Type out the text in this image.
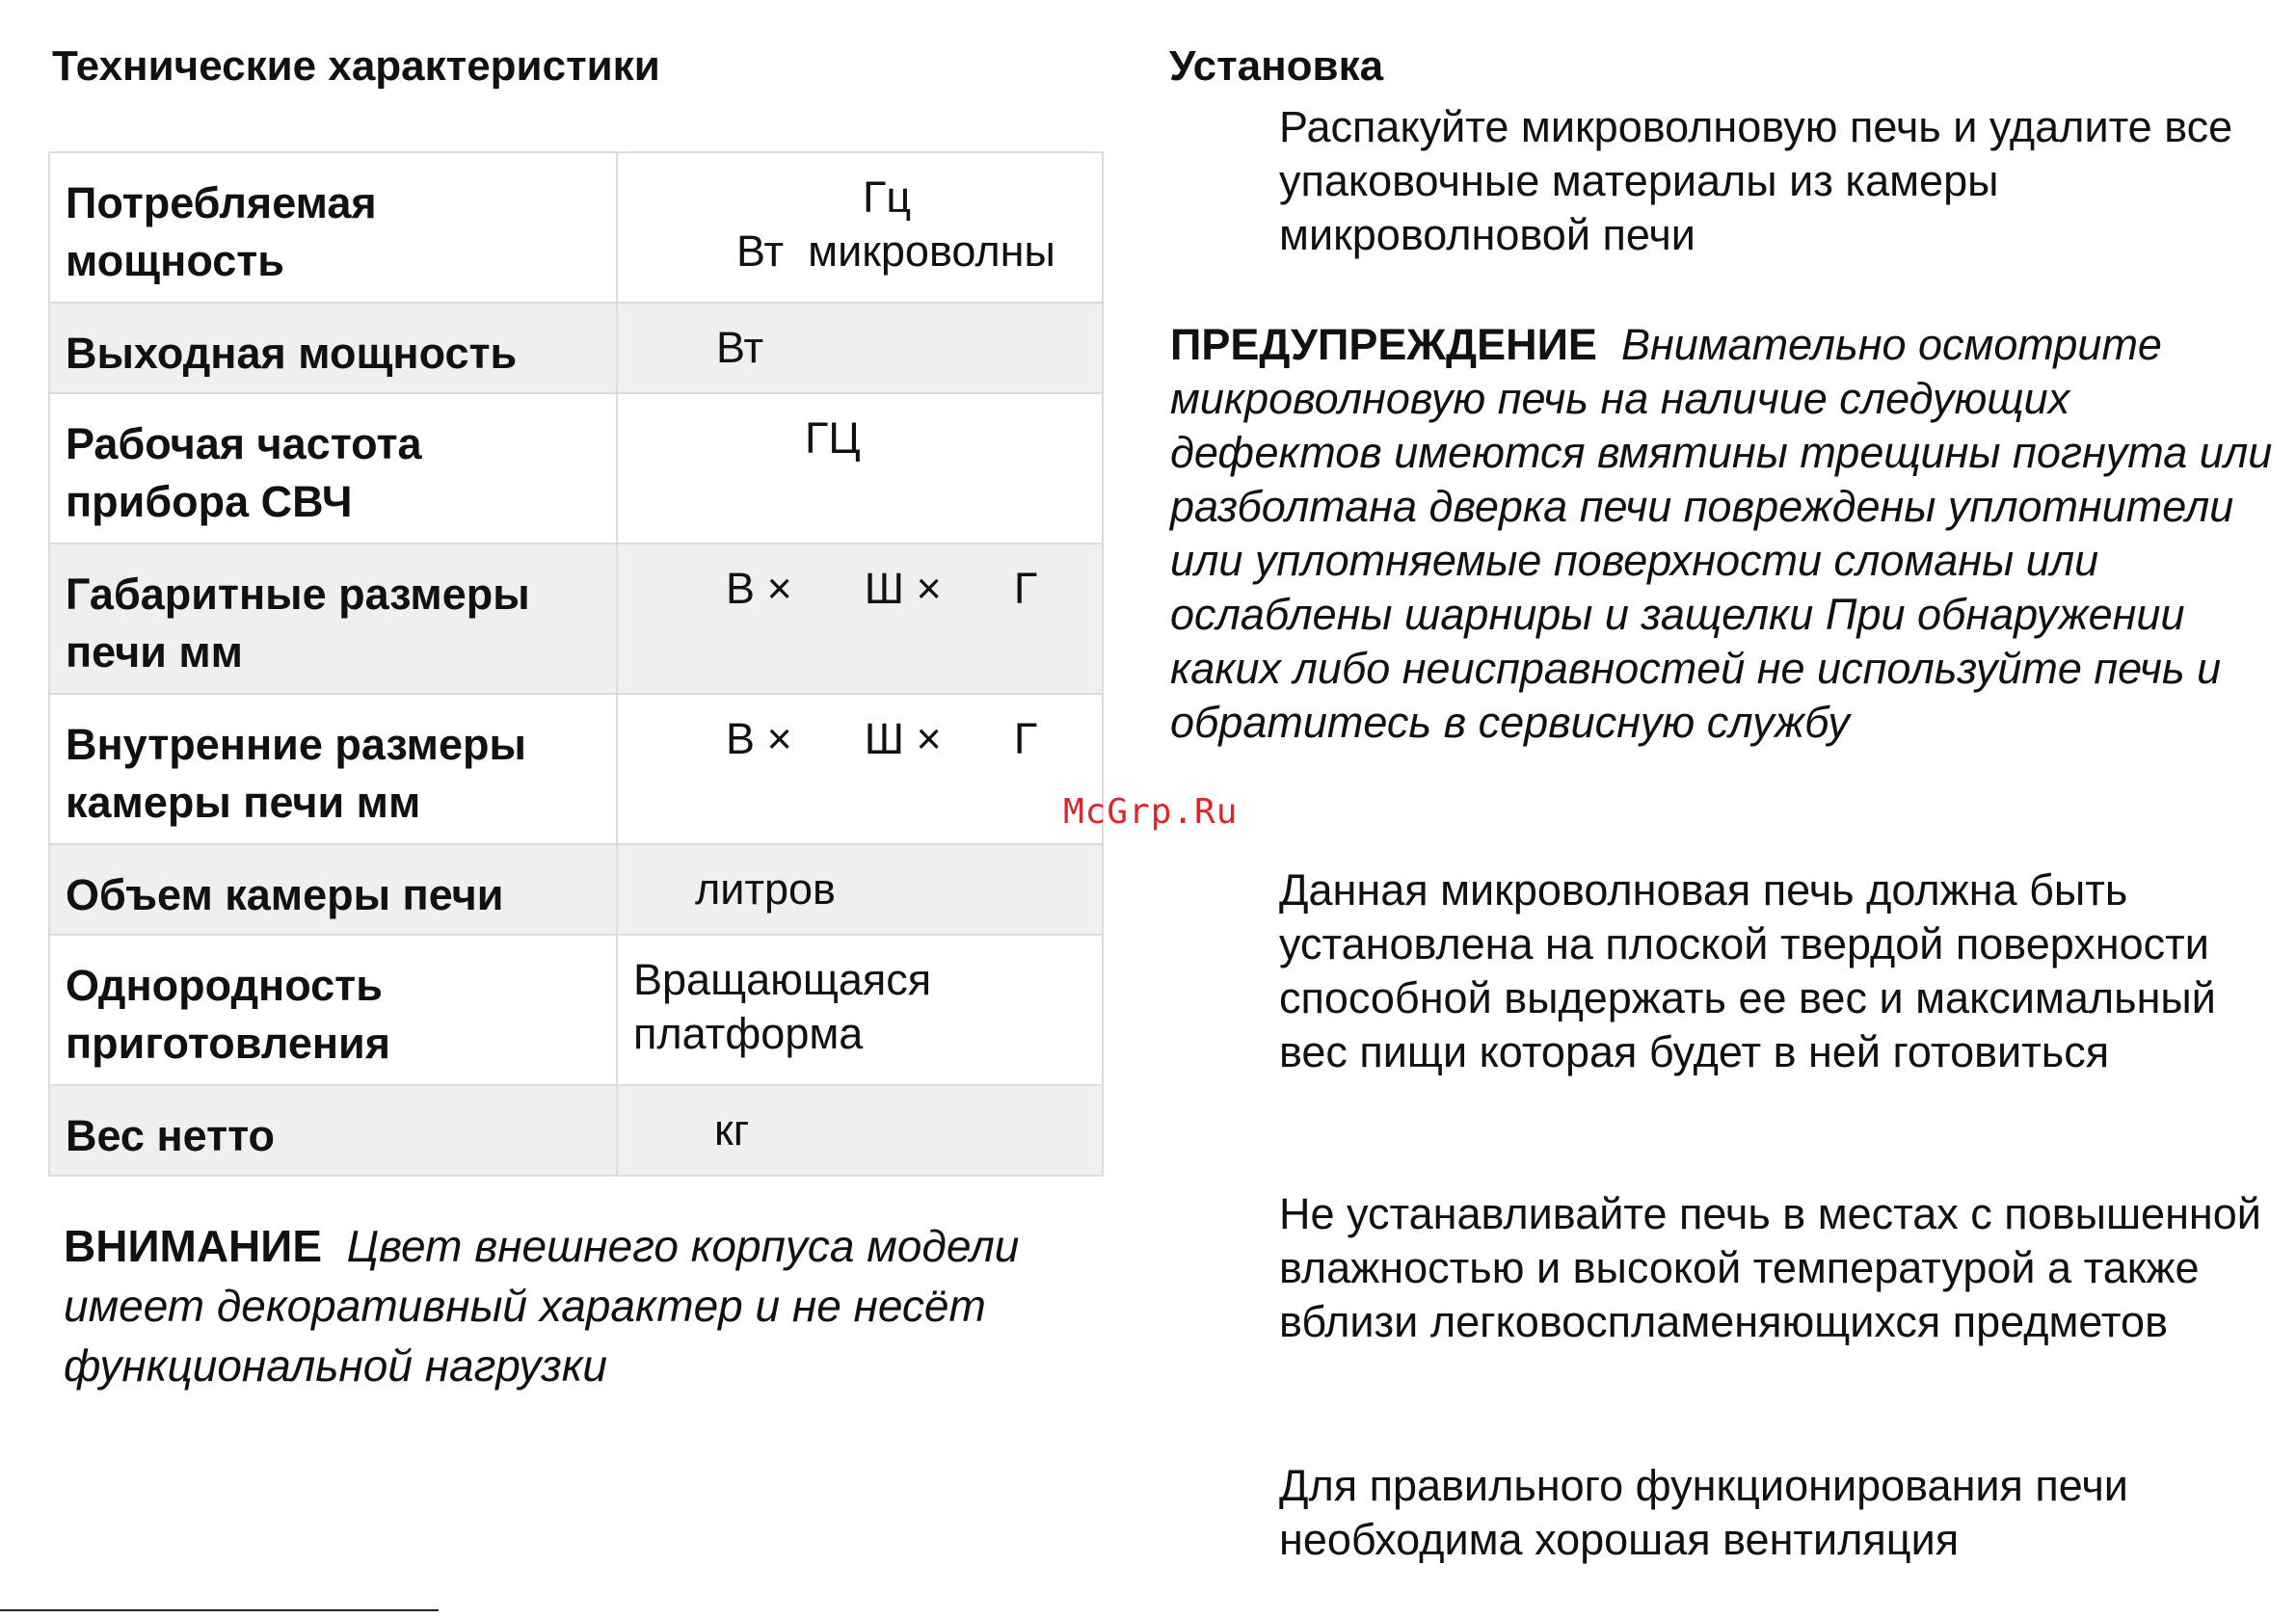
Технические характеристики
Потребляемая мощность	Гц
Вт  микроволны

Выходная мощность	Вт

Рабочая частота прибора СВЧ	ГЦ

Габаритные размеры печи мм	В ×      Ш ×      Г

Внутренние размеры камеры печи мм	В ×      Ш ×      Г

Объем камеры печи	литров

Однородность приготовления	Вращающаяся
платформа

Вес нетто	кг

ВНИМАНИЕ Цвет внешнего корпуса модели имеет декоративный характер и не несёт функциональной нагрузки

Установка

Распакуйте микроволновую печь и удалите все упаковочные материалы из камеры микроволновой печи

ПРЕДУПРЕЖДЕНИЕ Внимательно осмотрите микроволновую печь на наличие следующих дефектов имеются вмятины трещины погнута или разболтана дверка печи повреждены уплотнители или уплотняемые поверхности сломаны или ослаблены шарниры и защелки При обнаружении каких либо неисправностей не используйте печь и обратитесь в сервисную службу

McGrp.Ru

Данная микроволновая печь должна быть установлена на плоской твердой поверхности способной выдержать ее вес и максимальный вес пищи которая будет в ней готовиться

Не устанавливайте печь в местах с повышенной влажностью и высокой температурой а также вблизи легковоспламеняющихся предметов

Для правильного функционирования печи необходима хорошая вентиляция
